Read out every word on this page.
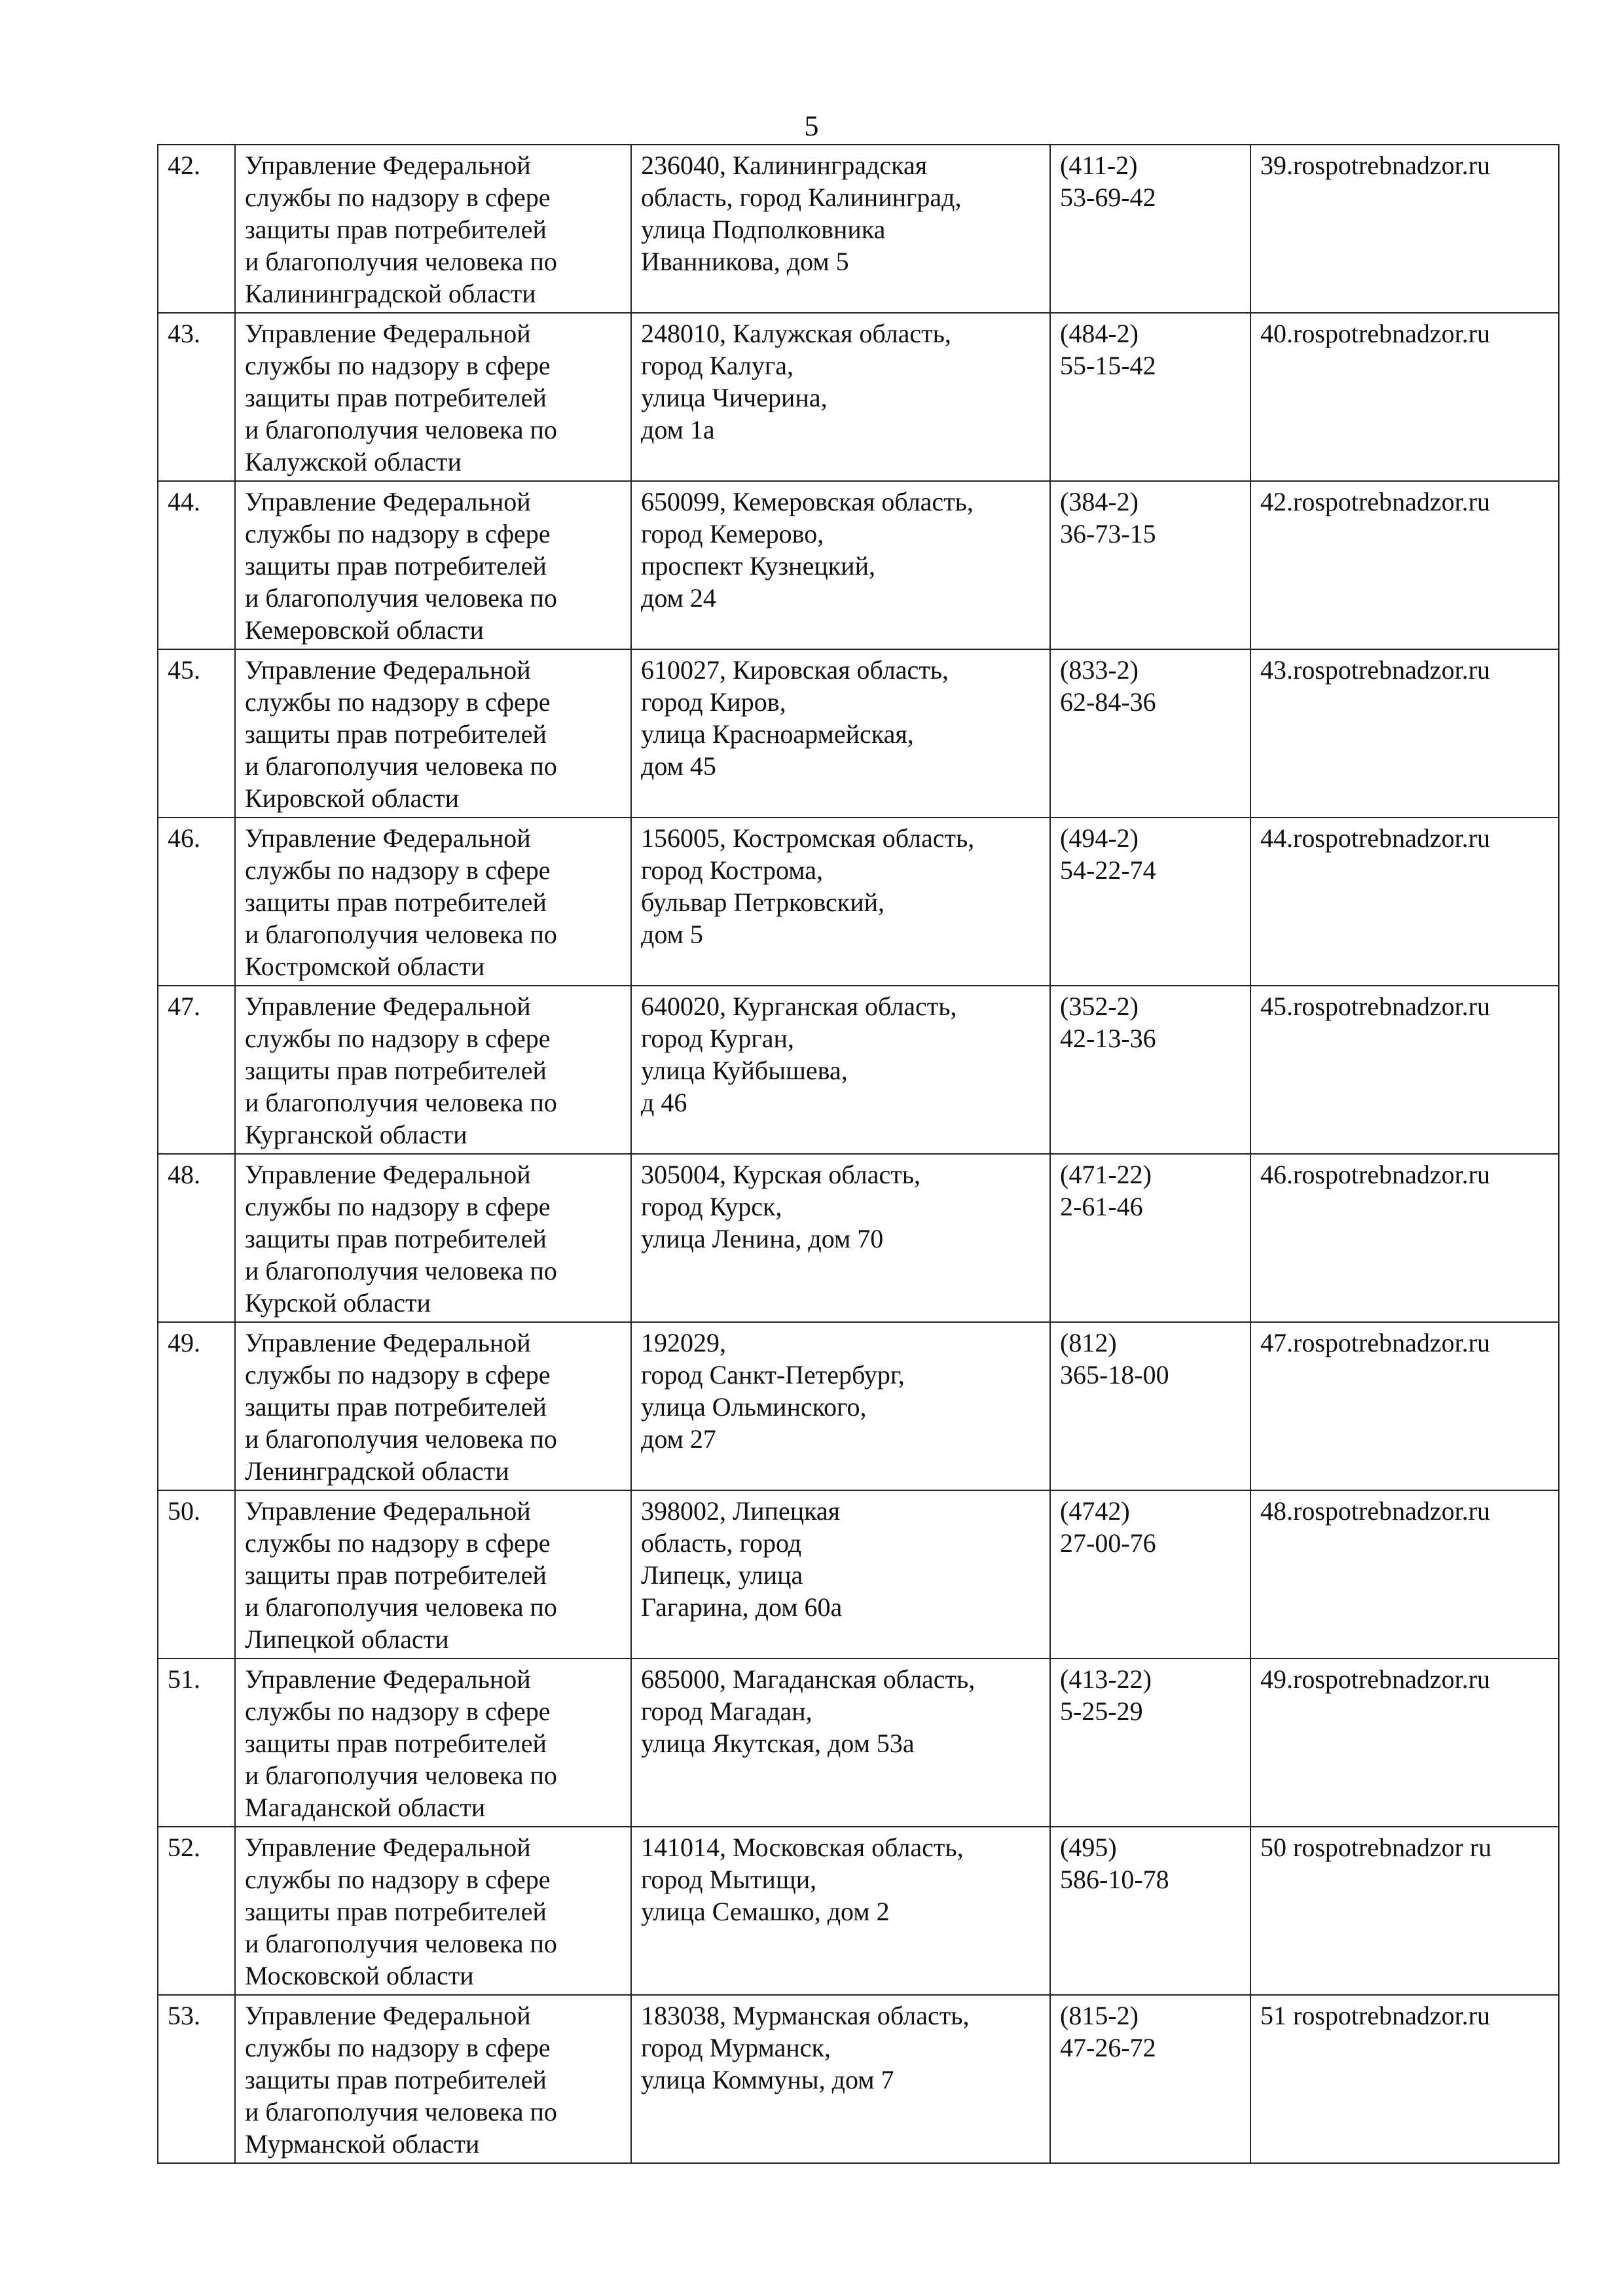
5
42.	Управление Федеральной
службы по надзору в сфере
защиты прав потребителей
и благополучия человека по
Калининградской области	236040, Калининградская
область, город Калининград,
улица Подполковника
Иванникова, дом 5	(411-2)
53-69-42	39.rospotrebnadzor.ru
43.	Управление Федеральной
службы по надзору в сфере
защиты прав потребителей
и благополучия человека по
Калужской области	248010, Калужская область,
город Калуга,
улица Чичерина,
дом 1а	(484-2)
55-15-42	40.rospotrebnadzor.ru
44.	Управление Федеральной
службы по надзору в сфере
защиты прав потребителей
и благополучия человека по
Кемеровской области	650099, Кемеровская область,
город Кемерово,
проспект Кузнецкий,
дом 24	(384-2)
36-73-15	42.rospotrebnadzor.ru
45.	Управление Федеральной
службы по надзору в сфере
защиты прав потребителей
и благополучия человека по
Кировской области	610027, Кировская область,
город Киров,
улица Красноармейская,
дом 45	(833-2)
62-84-36	43.rospotrebnadzor.ru
46.	Управление Федеральной
службы по надзору в сфере
защиты прав потребителей
и благополучия человека по
Костромской области	156005, Костромская область,
город Кострома,
бульвар Петрковский,
дом 5	(494-2)
54-22-74	44.rospotrebnadzor.ru
47.	Управление Федеральной
службы по надзору в сфере
защиты прав потребителей
и благополучия человека по
Курганской области	640020, Курганская область,
город Курган,
улица Куйбышева,
д 46	(352-2)
42-13-36	45.rospotrebnadzor.ru
48.	Управление Федеральной
службы по надзору в сфере
защиты прав потребителей
и благополучия человека по
Курской области	305004, Курская область,
город Курск,
улица Ленина, дом 70	(471-22)
2-61-46	46.rospotrebnadzor.ru
49.	Управление Федеральной
службы по надзору в сфере
защиты прав потребителей
и благополучия человека по
Ленинградской области	192029,
город Санкт-Петербург,
улица Ольминского,
дом 27	(812)
365-18-00	47.rospotrebnadzor.ru
50.	Управление Федеральной
службы по надзору в сфере
защиты прав потребителей
и благополучия человека по
Липецкой области	398002, Липецкая
область, город
Липецк, улица
Гагарина, дом 60а	(4742)
27-00-76	48.rospotrebnadzor.ru
51.	Управление Федеральной
службы по надзору в сфере
защиты прав потребителей
и благополучия человека по
Магаданской области	685000, Магаданская область,
город Магадан,
улица Якутская, дом 53а	(413-22)
5-25-29	49.rospotrebnadzor.ru
52.	Управление Федеральной
службы по надзору в сфере
защиты прав потребителей
и благополучия человека по
Московской области	141014, Московская область,
город Мытищи,
улица Семашко, дом 2	(495)
586-10-78	50 rospotrebnadzor ru
53.	Управление Федеральной
службы по надзору в сфере
защиты прав потребителей
и благополучия человека по
Мурманской области	183038, Мурманская область,
город Мурманск,
улица Коммуны, дом 7	(815-2)
47-26-72	51 rospotrebnadzor.ru
